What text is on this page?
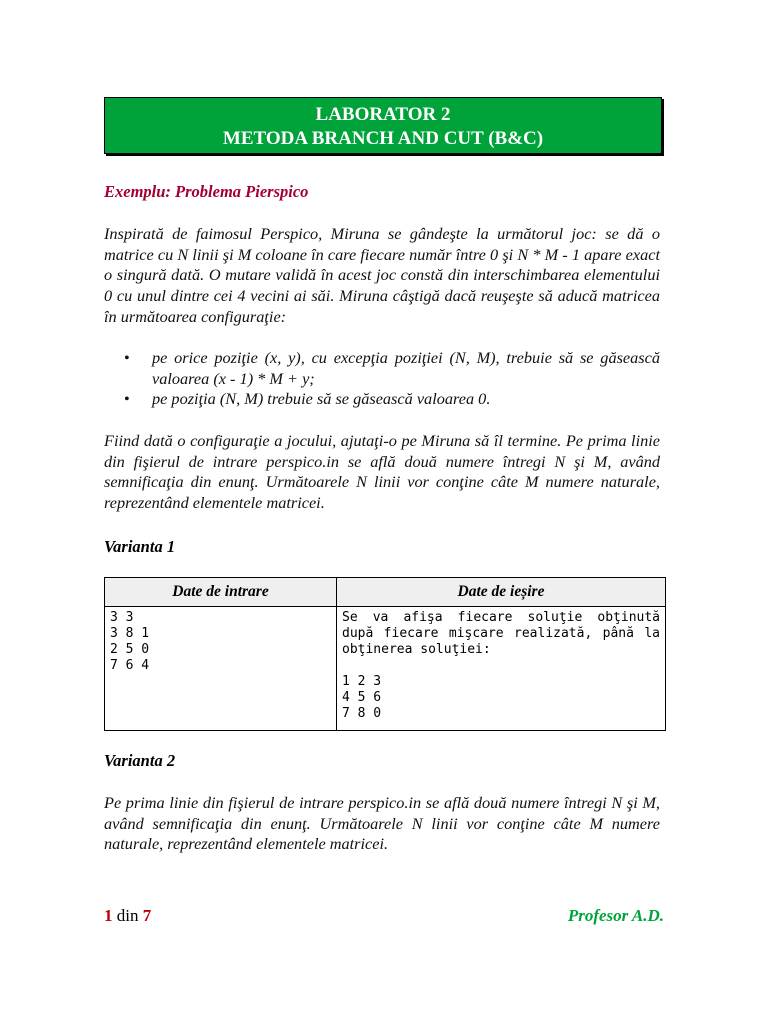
LABORATOR 2
METODA BRANCH AND CUT (B&C)

Exemplu: Problema Pierspico

Inspirată de faimosul Perspico, Miruna se gândeşte la următorul joc: se dă o matrice cu N linii şi M coloane în care fiecare număr între 0 şi N * M - 1 apare exact o singură dată. O mutare validă în acest joc constă din interschimbarea elementului 0 cu unul dintre cei 4 vecini ai săi. Miruna câştigă dacă reuşeşte să aducă matricea în următoarea configuraţie:

• pe orice poziţie (x, y), cu excepţia poziţiei (N, M), trebuie să se găsească valoarea (x - 1) * M + y;
• pe poziţia (N, M) trebuie să se găsească valoarea 0.

Fiind dată o configuraţie a jocului, ajutaţi-o pe Miruna să îl termine. Pe prima linie din fişierul de intrare perspico.in se află două numere întregi N şi M, având semnificaţia din enunţ. Următoarele N linii vor conţine câte M numere naturale, reprezentând elementele matricei.

Varianta 1

Date de intrare	Date de ieșire
3 3
3 8 1
2 5 0
7 6 4	Se va afişa fiecare soluţie obţinută după fiecare mişcare realizată, până la obţinerea soluţiei:

1 2 3
4 5 6
7 8 0

Varianta 2

Pe prima linie din fişierul de intrare perspico.in se află două numere întregi N şi M, având semnificaţia din enunţ. Următoarele N linii vor conţine câte M numere naturale, reprezentând elementele matricei.

1 din 7	Profesor A.D.
